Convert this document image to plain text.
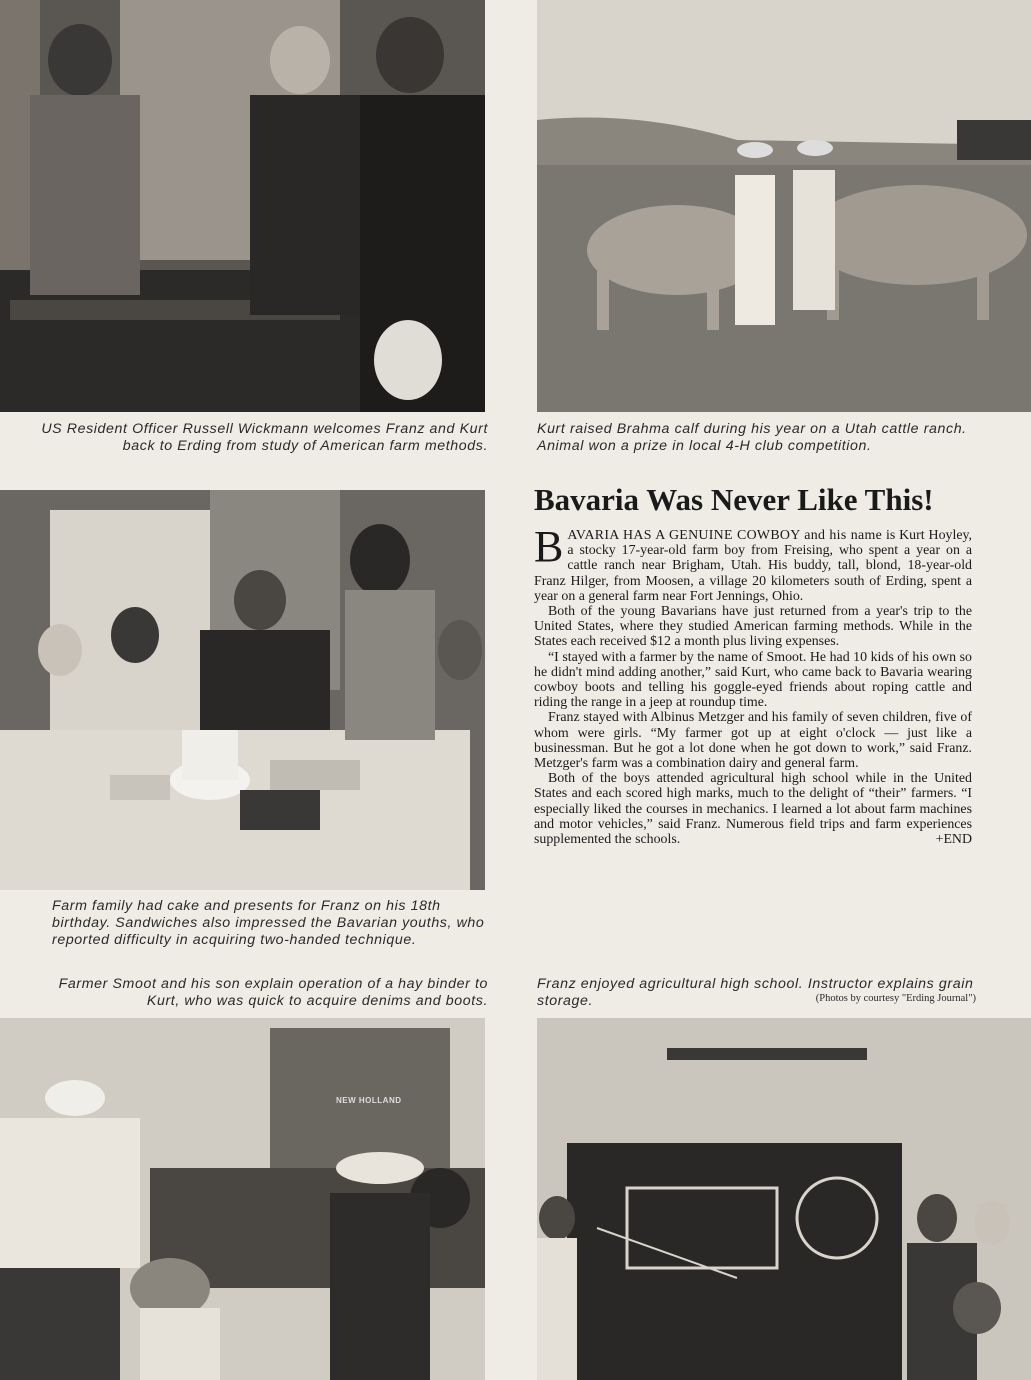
US Resident Officer Russell Wickmann welcomes Franz and Kurt back to Erding from study of American farm methods.

Kurt raised Brahma calf during his year on a Utah cattle ranch. Animal won a prize in local 4-H club competition.

Farm family had cake and presents for Franz on his 18th birthday. Sandwiches also impressed the Bavarian youths, who reported difficulty in acquiring two-handed technique.

Bavaria Was Never Like This!

BAVARIA HAS A GENUINE COWBOY and his name is Kurt Hoyley, a stocky 17-year-old farm boy from Freising, who spent a year on a cattle ranch near Brigham, Utah. His buddy, tall, blond, 18-year-old Franz Hilger, from Moosen, a village 20 kilometers south of Erding, spent a year on a general farm near Fort Jennings, Ohio.

Both of the young Bavarians have just returned from a year's trip to the United States, where they studied American farming methods. While in the States each received $12 a month plus living expenses.

“I stayed with a farmer by the name of Smoot. He had 10 kids of his own so he didn't mind adding another,” said Kurt, who came back to Bavaria wearing cowboy boots and telling his goggle-eyed friends about roping cattle and riding the range in a jeep at roundup time.

Franz stayed with Albinus Metzger and his family of seven children, five of whom were girls. “My farmer got up at eight o'clock — just like a businessman. But he got a lot done when he got down to work,” said Franz. Metzger's farm was a combination dairy and general farm.

Both of the boys attended agricultural high school while in the United States and each scored high marks, much to the delight of “their” farmers. “I especially liked the courses in mechanics. I learned a lot about farm machines and motor vehicles,” said Franz. Numerous field trips and farm experiences supplemented the schools.	+END

Farmer Smoot and his son explain operation of a hay binder to Kurt, who was quick to acquire denims and boots.

Franz enjoyed agricultural high school. Instructor explains grain storage.	(Photos by courtesy "Erding Journal")
NEW HOLLAND
